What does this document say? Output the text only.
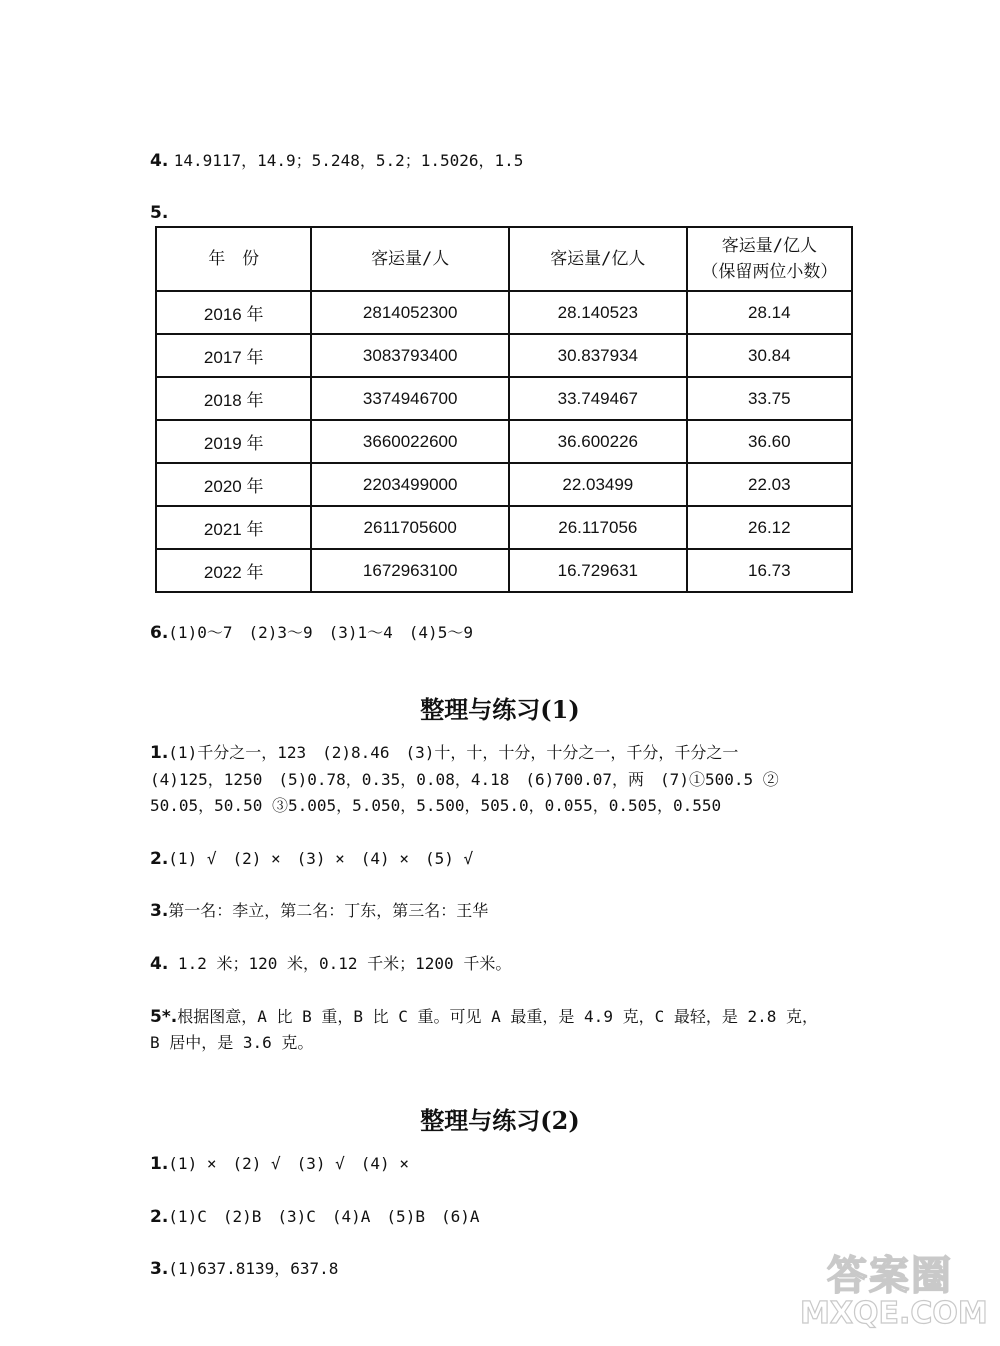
4. 14.9117，14.9；5.248，5.2；1.5026，1.5

5.

年　份	客运量/人	客运量/亿人	客运量/亿人
（保留两位小数）

2016 年	2814052300	28.140523	28.14
2017 年	3083793400	30.837934	30.84
2018 年	3374946700	33.749467	33.75
2019 年	3660022600	36.600226	36.60
2020 年	2203499000	22.03499	22.03
2021 年	2611705600	26.117056	26.12
2022 年	1672963100	16.729631	16.73

6.(1)0～7　(2)3～9　(3)1～4　(4)5～9

整理与练习(1)

1.(1)千分之一，123　(2)8.46　(3)十，十，十分，十分之一，千分，千分之一

(4)125，1250　(5)0.78，0.35，0.08，4.18　(6)700.07，两　(7)①500.5 ②

50.05，50.50 ③5.005，5.050，5.500，505.0，0.055，0.505，0.550

2.(1) √　(2) ×　(3) ×　(4) ×　(5) √

3.第一名：李立，第二名：丁东，第三名：王华

4. 1.2 米；120 米，0.12 千米；1200 千米。

5*.根据图意，A 比 B 重，B 比 C 重。可见 A 最重，是 4.9 克，C 最轻，是 2.8 克，

B 居中，是 3.6 克。

整理与练习(2)

1.(1) ×　(2) √　(3) √　(4) ×

2.(1)C　(2)B　(3)C　(4)A　(5)B　(6)A

3.(1)637.8139，637.8	答案圈
MXQE.COM
